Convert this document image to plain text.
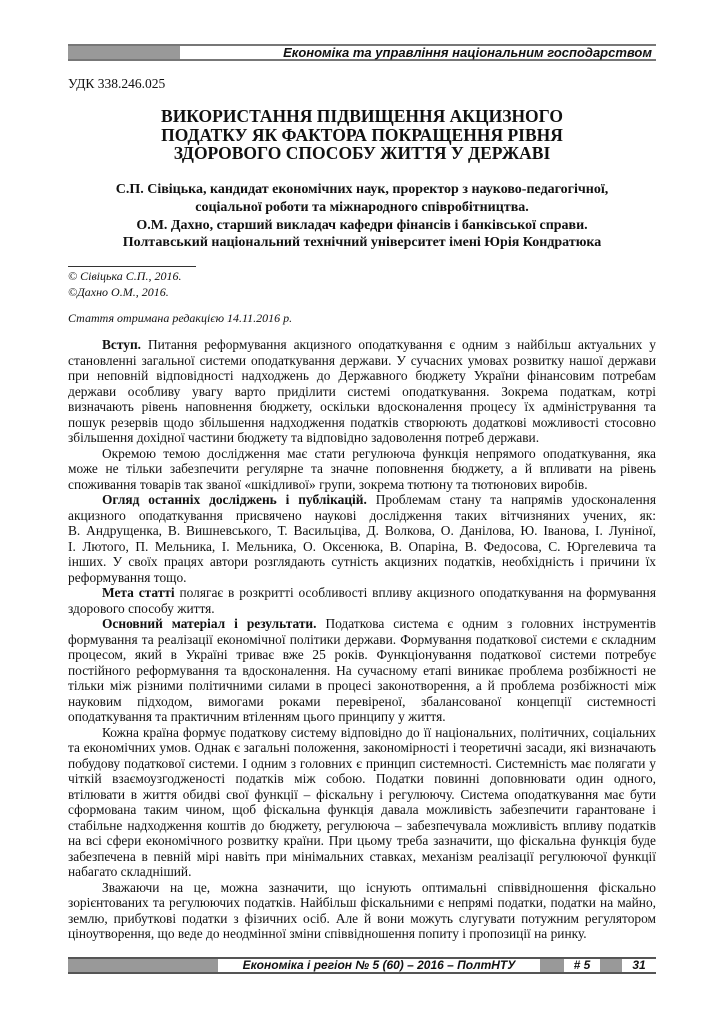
Економіка та управління національним господарством
УДК 338.246.025
ВИКОРИСТАННЯ ПІДВИЩЕННЯ АКЦИЗНОГО
ПОДАТКУ ЯК ФАКТОРА ПОКРАЩЕННЯ РІВНЯ
ЗДОРОВОГО СПОСОБУ ЖИТТЯ У ДЕРЖАВІ
С.П. Сівіцька, кандидат економічних наук, проректор з науково-педагогічної,
соціальної роботи та міжнародного співробітництва.
О.М. Дахно, старший викладач кафедри фінансів і банківської справи.
Полтавський національний технічний університет імені Юрія Кондратюка
© Сівіцька С.П., 2016.
©Дахно О.М., 2016.
Стаття отримана редакцією 14.11.2016 р.
Вступ. Питання реформування акцизного оподаткування є одним з найбільш актуальних у
становленні загальної системи оподаткування держави. У сучасних умовах розвитку нашої держави
при неповній відповідності надходжень до Державного бюджету України фінансовим потребам
держави особливу увагу варто приділити системі оподаткування. Зокрема податкам, котрі
визначають рівень наповнення бюджету, оскільки вдосконалення процесу їх адміністрування та
пошук резервів щодо збільшення надходження податків створюють додаткові можливості стосовно
збільшення дохідної частини бюджету та відповідно задоволення потреб держави.
Окремою темою дослідження має стати регулююча функція непрямого оподаткування, яка
може не тільки забезпечити регулярне та значне поповнення бюджету, а й впливати на рівень
споживання товарів так званої «шкідливої» групи, зокрема тютюну та тютюнових виробів.
Огляд останніх досліджень і публікацій. Проблемам стану та напрямів удосконалення
акцизного оподаткування присвячено наукові дослідження таких вітчизняних учених, як:
В. Андрущенка, В. Вишневського, Т. Васильціва, Д. Волкова, О. Данілова, Ю. Іванова, І. Луніної,
І. Лютого, П. Мельника, І. Мельника, О. Оксенюка, В. Опаріна, В. Федосова, С. Юргелевича та
інших. У своїх працях автори розглядають сутність акцизних податків, необхідність і причини їх
реформування тощо.
Мета статті полягає в розкритті особливості впливу акцизного оподаткування на формування
здорового способу життя.
Основний матеріал і результати. Податкова система є одним з головних інструментів
формування та реалізації економічної політики держави. Формування податкової системи є складним
процесом, який в Україні триває вже 25 років. Функціонування податкової системи потребує
постійного реформування та вдосконалення. На сучасному етапі виникає проблема розбіжності не
тільки між різними політичними силами в процесі законотворення, а й проблема розбіжності між
науковим підходом, вимогами роками перевіреної, збалансованої концепції системності
оподаткування та практичним втіленням цього принципу у життя.
Кожна країна формує податкову систему відповідно до її національних, політичних, соціальних
та економічних умов. Однак є загальні положення, закономірності і теоретичні засади, які визначають
побудову податкової системи. І одним з головних є принцип системності. Системність має полягати у
чіткій взаємоузгодженості податків між собою. Податки повинні доповнювати один одного,
втілювати в життя обидві свої функції – фіскальну і регулюючу. Система оподаткування має бути
сформована таким чином, щоб фіскальна функція давала можливість забезпечити гарантоване і
стабільне надходження коштів до бюджету, регулююча – забезпечувала можливість впливу податків
на всі сфери економічного розвитку країни. При цьому треба зазначити, що фіскальна функція буде
забезпечена в певній мірі навіть при мінімальних ставках, механізм реалізації регулюючої функції
набагато складніший.
Зважаючи на це, можна зазначити, що існують оптимальні співвідношення фіскально
зорієнтованих та регулюючих податків. Найбільш фіскальними є непрямі податки, податки на майно,
землю, прибуткові податки з фізичних осіб. Але й вони можуть слугувати потужним регулятором
ціноутворення, що веде до неодмінної зміни співвідношення попиту і пропозиції на ринку.
Економіка і регіон № 5 (60) – 2016 – ПолтНТУ	# 5	31
